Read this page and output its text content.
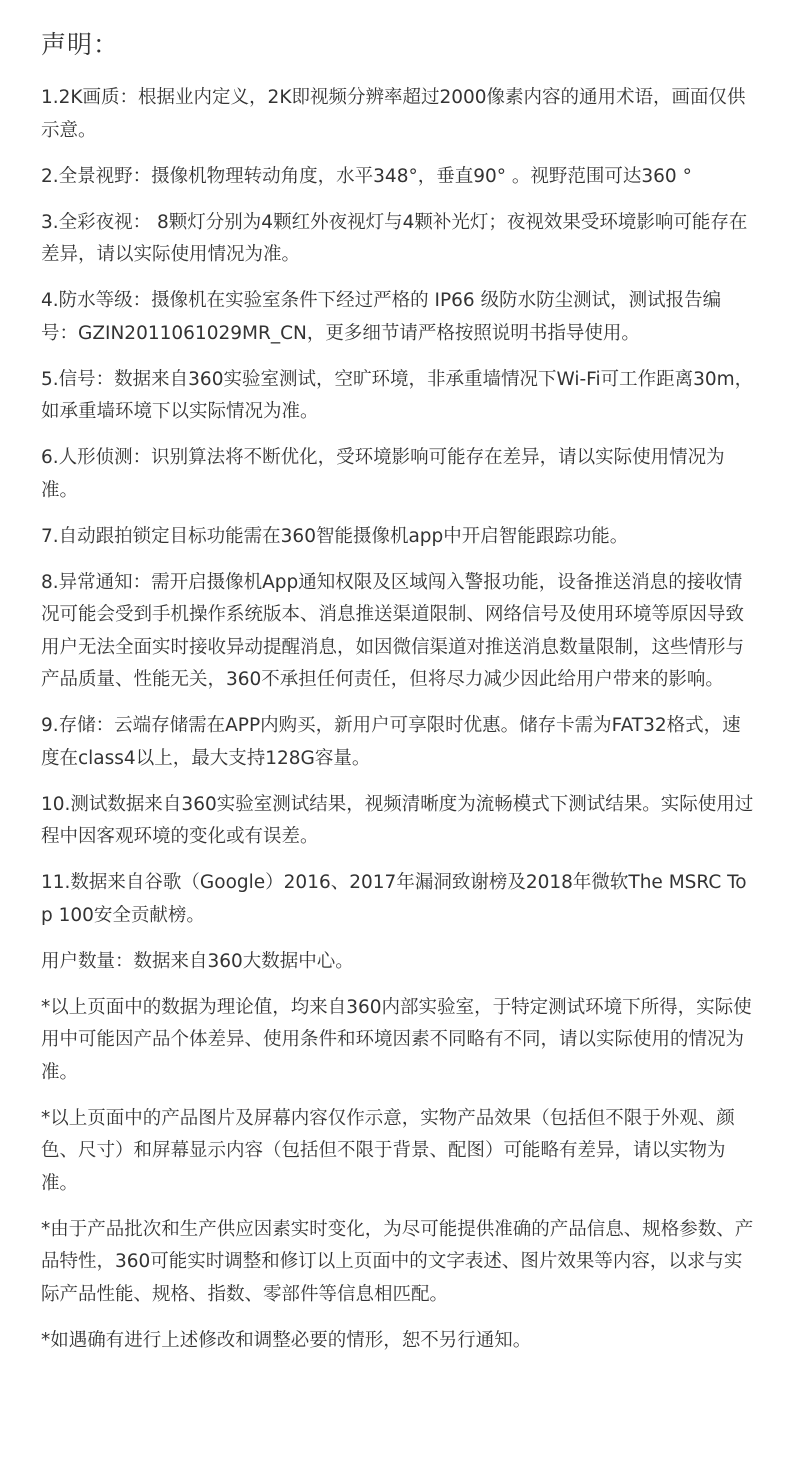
声明：

1.2K画质：根据业内定义，2K即视频分辨率超过2000像素内容的通用术语，画面仅供示意。

2.全景视野：摄像机物理转动角度，水平348°，垂直90° 。视野范围可达360 °

3.全彩夜视： 8颗灯分别为4颗红外夜视灯与4颗补光灯；夜视效果受环境影响可能存在差异，请以实际使用情况为准。

4.防水等级：摄像机在实验室条件下经过严格的 IP66 级防水防尘测试，测试报告编号：GZIN2011061029MR_CN，更多细节请严格按照说明书指导使用。

5.信号：数据来自360实验室测试，空旷环境，非承重墙情况下Wi-Fi可工作距离30m，如承重墙环境下以实际情况为准。

6.人形侦测：识别算法将不断优化，受环境影响可能存在差异，请以实际使用情况为准。

7.自动跟拍锁定目标功能需在360智能摄像机app中开启智能跟踪功能。

8.异常通知：需开启摄像机App通知权限及区域闯入警报功能，设备推送消息的接收情况可能会受到手机操作系统版本、消息推送渠道限制、网络信号及使用环境等原因导致用户无法全面实时接收异动提醒消息，如因微信渠道对推送消息数量限制，这些情形与产品质量、性能无关，360不承担任何责任，但将尽力减少因此给用户带来的影响。

9.存储：云端存储需在APP内购买，新用户可享限时优惠。储存卡需为FAT32格式，速度在class4以上，最大支持128G容量。

10.测试数据来自360实验室测试结果，视频清晰度为流畅模式下测试结果。实际使用过程中因客观环境的变化或有误差。

11.数据来自谷歌（Google）2016、2017年漏洞致谢榜及2018年微软The MSRC Top 100安全贡献榜。

用户数量：数据来自360大数据中心。

*以上页面中的数据为理论值，均来自360内部实验室，于特定测试环境下所得，实际使用中可能因产品个体差异、使用条件和环境因素不同略有不同，请以实际使用的情况为准。

*以上页面中的产品图片及屏幕内容仅作示意，实物产品效果（包括但不限于外观、颜色、尺寸）和屏幕显示内容（包括但不限于背景、配图）可能略有差异，请以实物为准。

*由于产品批次和生产供应因素实时变化，为尽可能提供准确的产品信息、规格参数、产品特性，360可能实时调整和修订以上页面中的文字表述、图片效果等内容，以求与实际产品性能、规格、指数、零部件等信息相匹配。

*如遇确有进行上述修改和调整必要的情形，恕不另行通知。
